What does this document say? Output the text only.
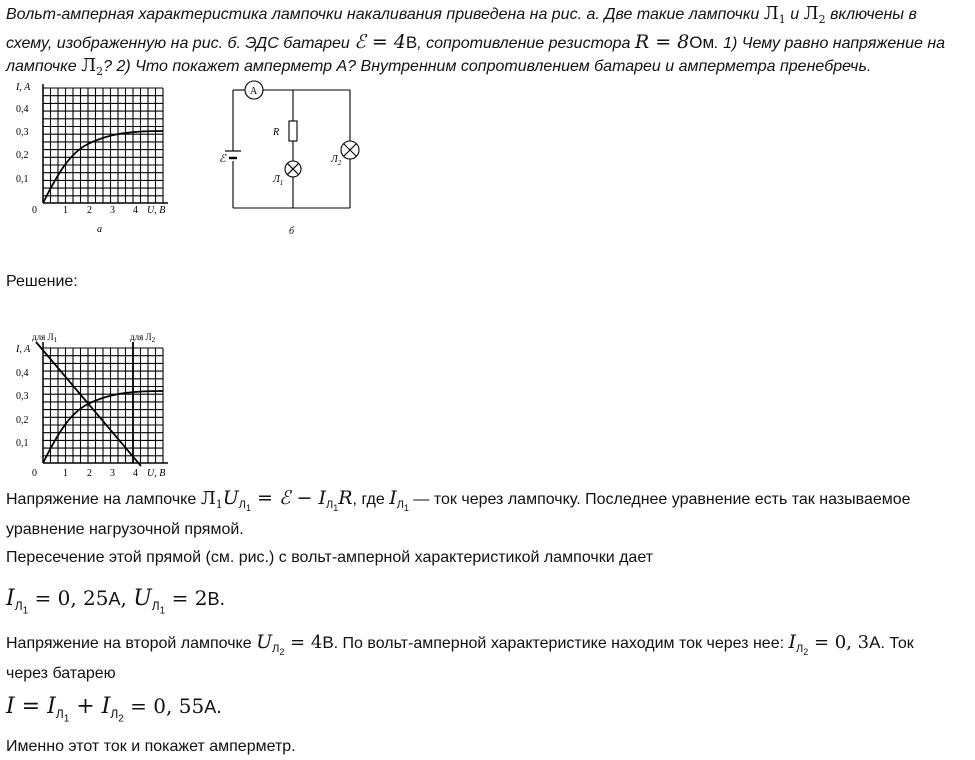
Вольт-амперная характеристика лампочки накаливания приведена на рис. а. Две такие лампочки $Л_1$ и $Л_2$ включены в схему, изображенную на рис. б. ЭДС батареи ℰ = 4В, сопротивление резистора R = 8Ом. 1) Чему равно напряжение на лампочке $Л_2$? 2) Что покажет амперметр А? Внутренним сопротивлением батареи и амперметра пренебречь.
I, A
0,4
0,3
0,2
0,1
0	1 2 3 4 U, B
а
A
R
ℰ
$Л_1$
$Л_2$
б
Решение:
для $Л_1$	для $Л_2$
I, A
0,4
0,3
0,2
0,1
0	1 2 3 4 U, B
Напряжение на лампочке $Л_1U_{Л_1}$ = ℰ − $I_{Л_1}R$, где $I_{Л_1}$ — ток через лампочку. Последнее уравнение есть так называемое уравнение нагрузочной прямой.
Пересечение этой прямой (см. рис.) с вольт-амперной характеристикой лампочки дает
$I_{Л_1} = 0$, 25А, $U_{Л_1} = 2В$.
Напряжение на второй лампочке $U_{Л_2} = 4В$. По вольт-амперной характеристике находим ток через нее: $I_{Л_2} = 0$, 3А. Ток через батарею
$I = I_{Л_1} + I_{Л_2} = 0$, 55А.
Именно этот ток и покажет амперметр.
